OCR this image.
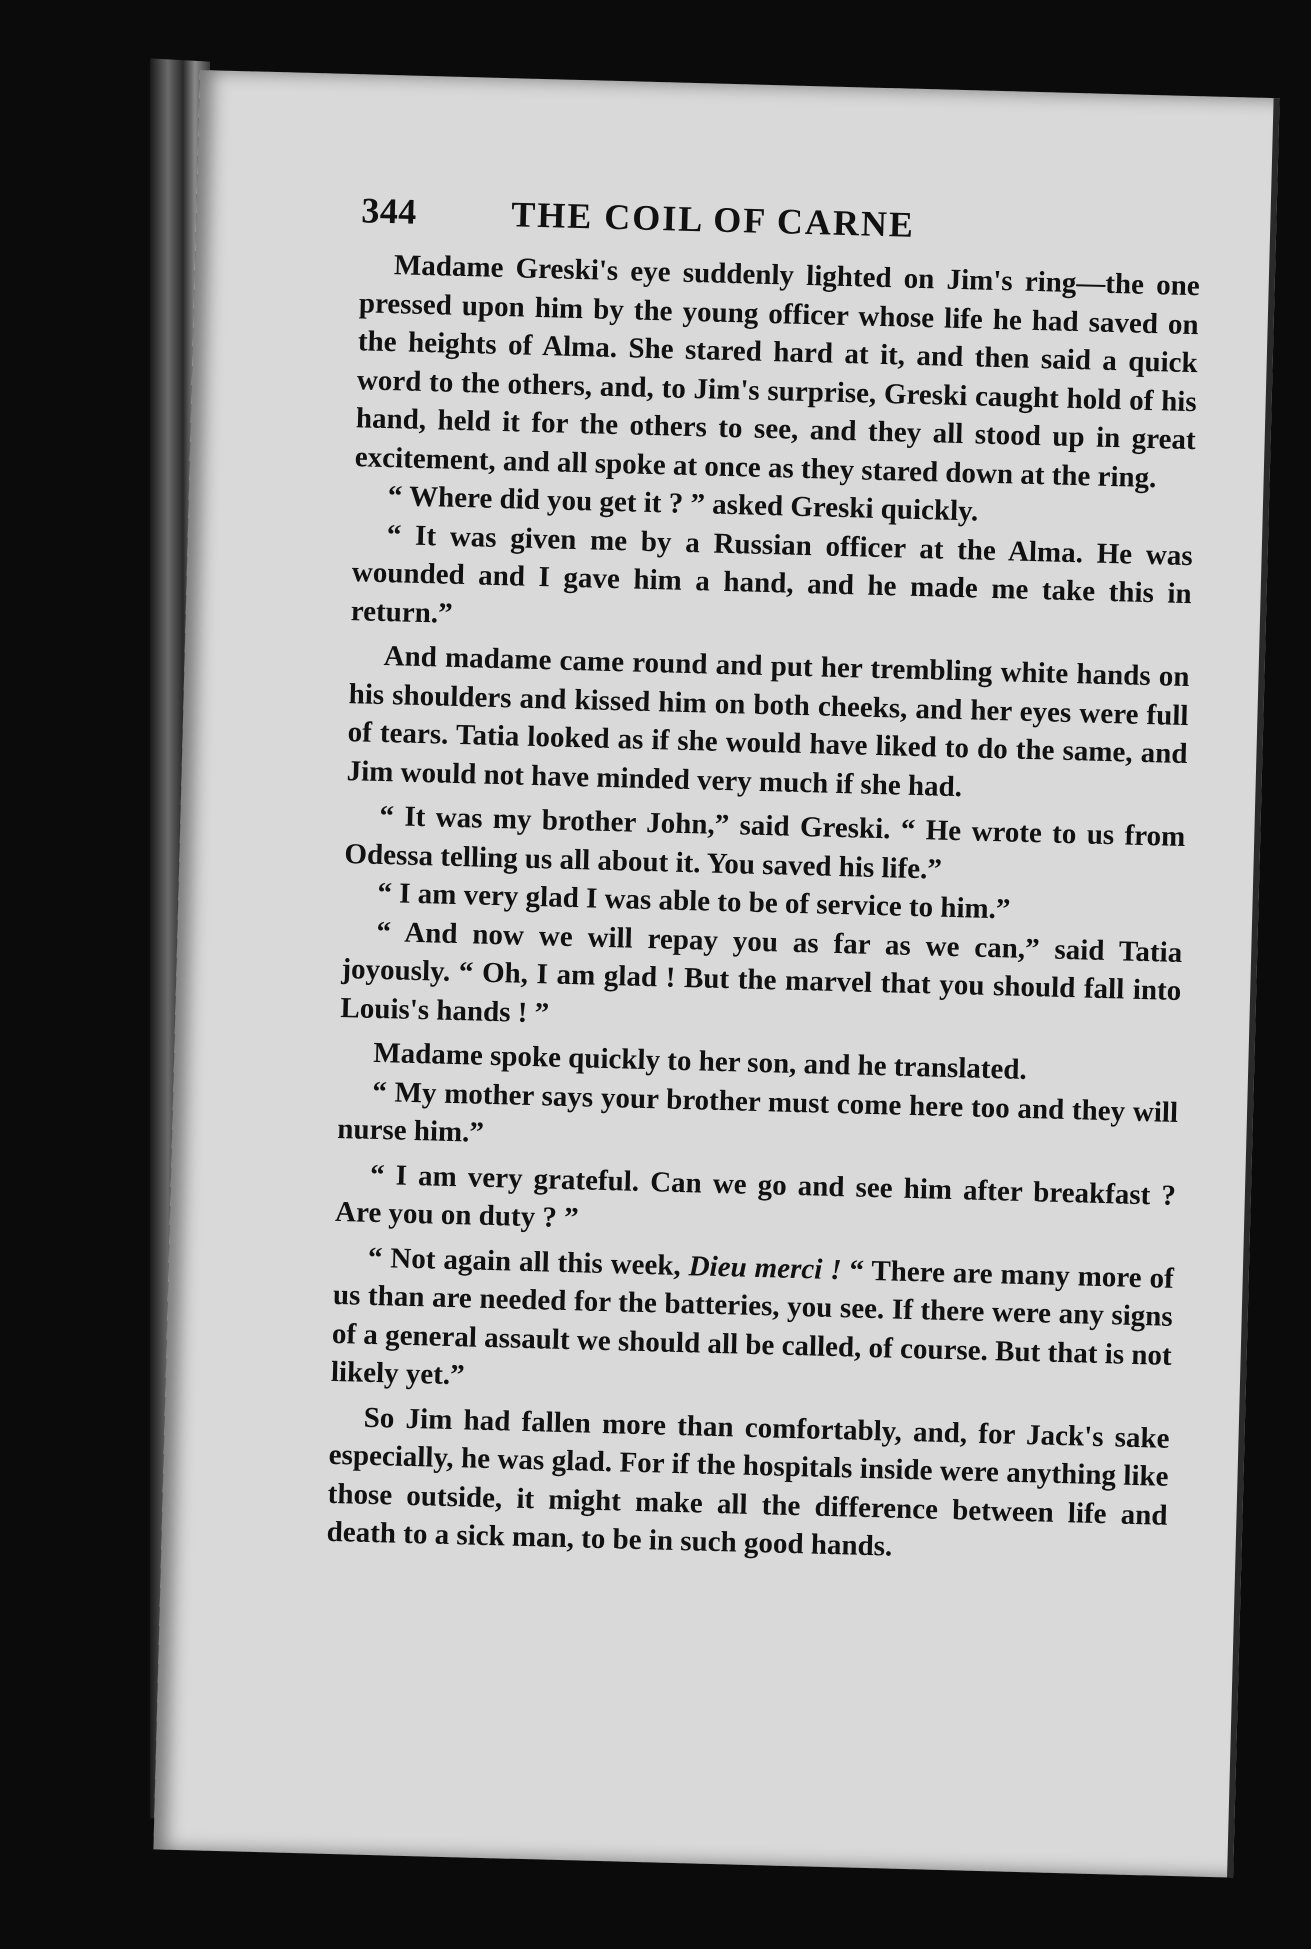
344	THE COIL OF CARNE

Madame Greski's eye suddenly lighted on Jim's ring—the one pressed upon him by the young officer whose life he had saved on the heights of Alma. She stared hard at it, and then said a quick word to the others, and, to Jim's surprise, Greski caught hold of his hand, held it for the others to see, and they all stood up in great excitement, and all spoke at once as they stared down at the ring.

“ Where did you get it ? ” asked Greski quickly.

“ It was given me by a Russian officer at the Alma. He was wounded and I gave him a hand, and he made me take this in return.”

And madame came round and put her trembling white hands on his shoulders and kissed him on both cheeks, and her eyes were full of tears. Tatia looked as if she would have liked to do the same, and Jim would not have minded very much if she had.

“ It was my brother John,” said Greski. “ He wrote to us from Odessa telling us all about it. You saved his life.”

“ I am very glad I was able to be of service to him.”

“ And now we will repay you as far as we can,” said Tatia joyously. “ Oh, I am glad ! But the marvel that you should fall into Louis's hands ! ”

Madame spoke quickly to her son, and he translated.

“ My mother says your brother must come here too and they will nurse him.”

“ I am very grateful. Can we go and see him after breakfast ? Are you on duty ? ”

“ Not again all this week, Dieu merci ! “ There are many more of us than are needed for the batteries, you see. If there were any signs of a general assault we should all be called, of course. But that is not likely yet.”

So Jim had fallen more than comfortably, and, for Jack's sake especially, he was glad. For if the hospitals inside were anything like those outside, it might make all the difference between life and death to a sick man, to be in such good hands.
